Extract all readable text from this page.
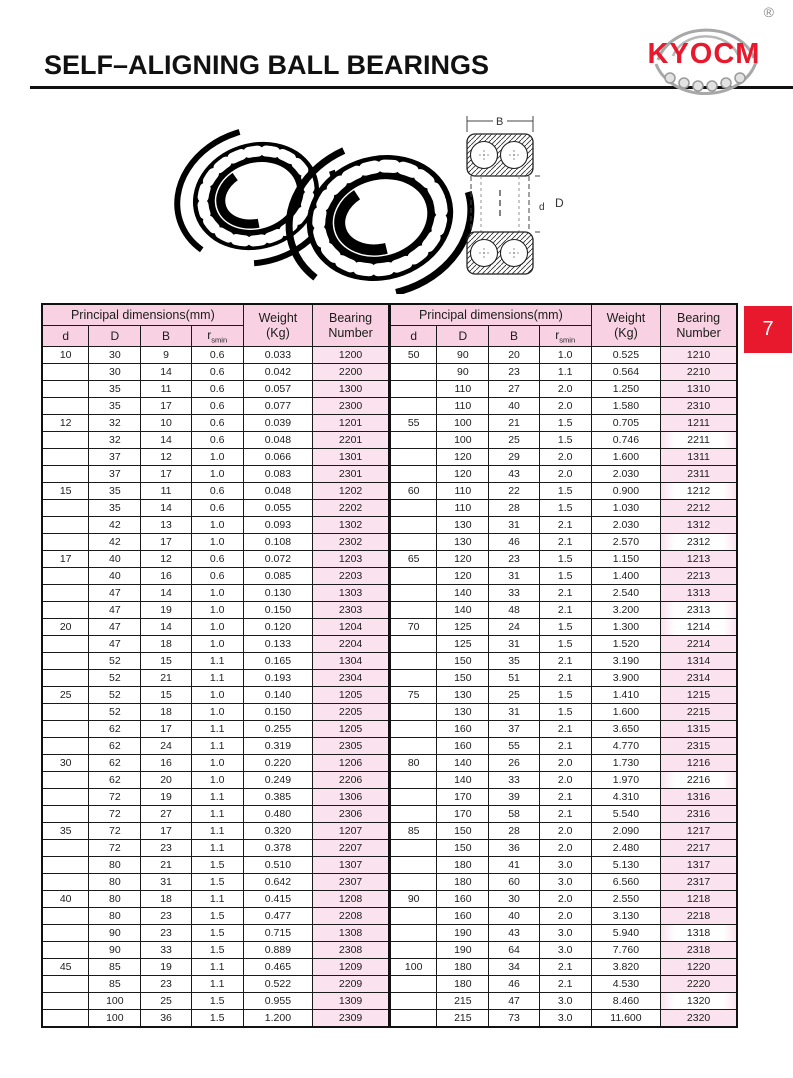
SELF–ALIGNING BALL BEARINGS	KYOCM
®
B
d D
Principal dimensions(mm)	Weight
(Kg)

Bearing
Number

d	D	B	$r_{smin}$
10	30	9	0.6	0.033	1200
	30	14	0.6	0.042	2200
	35	11	0.6	0.057	1300
	35	17	0.6	0.077	2300
12	32	10	0.6	0.039	1201
	32	14	0.6	0.048	2201
	37	12	1.0	0.066	1301
	37	17	1.0	0.083	2301
15	35	11	0.6	0.048	1202
	35	14	0.6	0.055	2202
	42	13	1.0	0.093	1302
	42	17	1.0	0.108	2302
17	40	12	0.6	0.072	1203
	40	16	0.6	0.085	2203
	47	14	1.0	0.130	1303
	47	19	1.0	0.150	2303
20	47	14	1.0	0.120	1204
	47	18	1.0	0.133	2204
	52	15	1.1	0.165	1304
	52	21	1.1	0.193	2304
25	52	15	1.0	0.140	1205
	52	18	1.0	0.150	2205
	62	17	1.1	0.255	1205
	62	24	1.1	0.319	2305
30	62	16	1.0	0.220	1206
	62	20	1.0	0.249	2206
	72	19	1.1	0.385	1306
	72	27	1.1	0.480	2306
35	72	17	1.1	0.320	1207
	72	23	1.1	0.378	2207
	80	21	1.5	0.510	1307
	80	31	1.5	0.642	2307
40	80	18	1.1	0.415	1208
	80	23	1.5	0.477	2208
	90	23	1.5	0.715	1308
	90	33	1.5	0.889	2308
45	85	19	1.1	0.465	1209
	85	23	1.1	0.522	2209
	100	25	1.5	0.955	1309
	100	36	1.5	1.200	2309
Principal dimensions(mm)	Weight
(Kg)

Bearing
Number

d	D	B	$r_{smin}$
50	90	20	1.0	0.525	1210
	90	23	1.1	0.564	2210
	110	27	2.0	1.250	1310
	110	40	2.0	1.580	2310
55	100	21	1.5	0.705	1211
	100	25	1.5	0.746	2211
	120	29	2.0	1.600	1311
	120	43	2.0	2.030	2311
60	110	22	1.5	0.900	1212
	110	28	1.5	1.030	2212
	130	31	2.1	2.030	1312
	130	46	2.1	2.570	2312
65	120	23	1.5	1.150	1213
	120	31	1.5	1.400	2213
	140	33	2.1	2.540	1313
	140	48	2.1	3.200	2313
70	125	24	1.5	1.300	1214
	125	31	1.5	1.520	2214
	150	35	2.1	3.190	1314
	150	51	2.1	3.900	2314
75	130	25	1.5	1.410	1215
	130	31	1.5	1.600	2215
	160	37	2.1	3.650	1315
	160	55	2.1	4.770	2315
80	140	26	2.0	1.730	1216
	140	33	2.0	1.970	2216
	170	39	2.1	4.310	1316
	170	58	2.1	5.540	2316
85	150	28	2.0	2.090	1217
	150	36	2.0	2.480	2217
	180	41	3.0	5.130	1317
	180	60	3.0	6.560	2317
90	160	30	2.0	2.550	1218
	160	40	2.0	3.130	2218
	190	43	3.0	5.940	1318
	190	64	3.0	7.760	2318
100	180	34	2.1	3.820	1220
	180	46	2.1	4.530	2220
	215	47	3.0	8.460	1320
	215	73	3.0	11.600	2320
7
